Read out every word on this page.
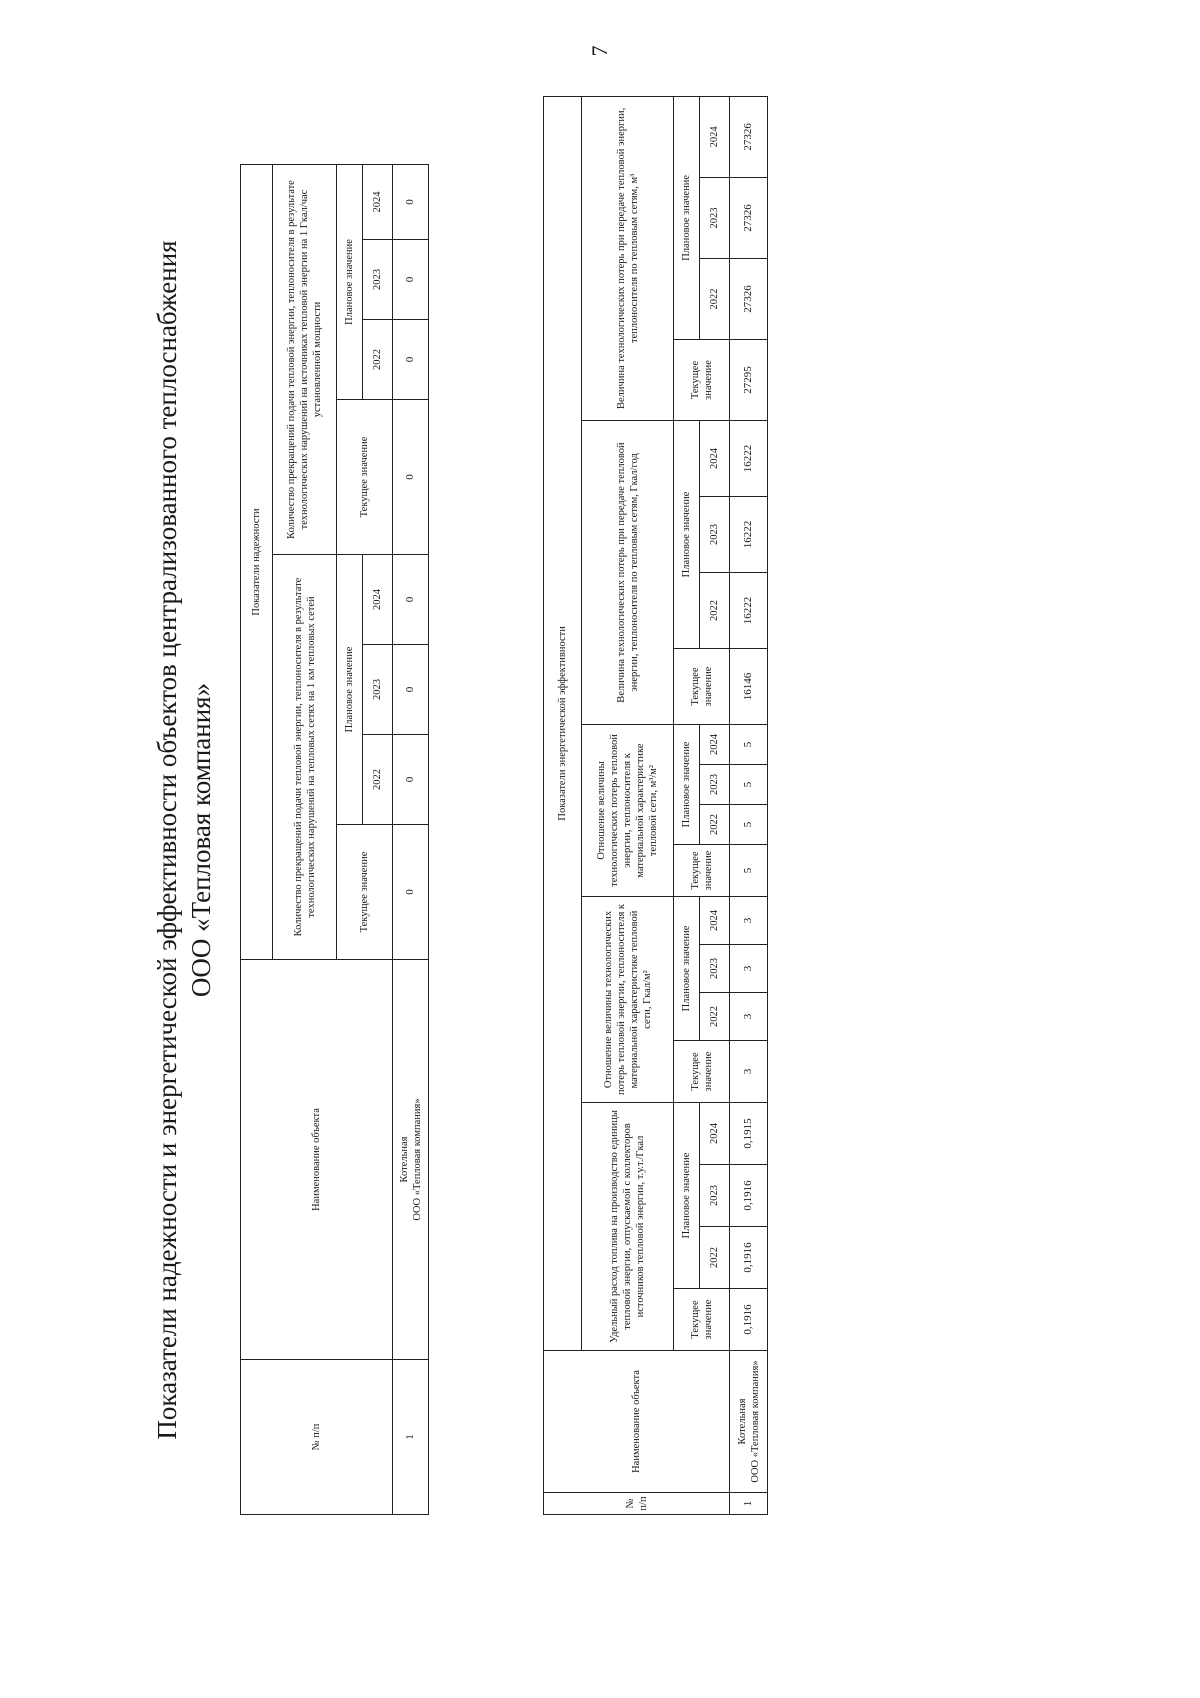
7
Показатели надежности и энергетической эффективности объектов централизованного теплоснабжения ООО «Тепловая компания»
№ п/п	Наименование объекта	Показатели надежности							
		Количество прекращений подачи тепловой энергии, теплоносителя в результате технологических нарушений на тепловых сетях на 1 км тепловых сетей				Количество прекращений подачи тепловой энергии, теплоносителя в результате технологических нарушений на источниках тепловой энергии на 1 Гкал/час установленной мощности			
		Текущее значение	Плановое значение			Текущее значение	Плановое значение		
			2022	2023	2024		2022	2023	2024
1	Котельная ООО «Тепловая компания»	0	0	0	0	0	0	0	0
№ п/п	Наименование объекта	Показатели энергетической эффективности																			
		Удельный расход топлива на производство единицы тепловой энергии, отпускаемой с коллекторов источников тепловой энергии, т.у.т./Гкал				Отношение величины технологических потерь тепловой энергии, теплоносителя к материальной характеристике тепловой сети, Гкал/м²				Отношение величины технологических потерь тепловой энергии, теплоносителя к материальной характеристике тепловой сети, м³/м²				Величина технологических потерь при передаче тепловой энергии, теплоносителя по тепловым сетям, Гкал/год				Величина технологических потерь при передаче тепловой энергии, теплоносителя по тепловым сетям, м³			
		Текущее значение	Плановое значение			Текущее значение	Плановое значение			Текущее значение	Плановое значение			Текущее значение	Плановое значение			Текущее значение	Плановое значение		
			2022	2023	2024		2022	2023	2024		2022	2023	2024		2022	2023	2024		2022	2023	2024
1	Котельная ООО «Тепловая компания»	0,1916	0,1916	0,1916	0,1915	3	3	3	3	5	5	5	5	16146	16222	16222	16222	27295	27326	27326	27326
